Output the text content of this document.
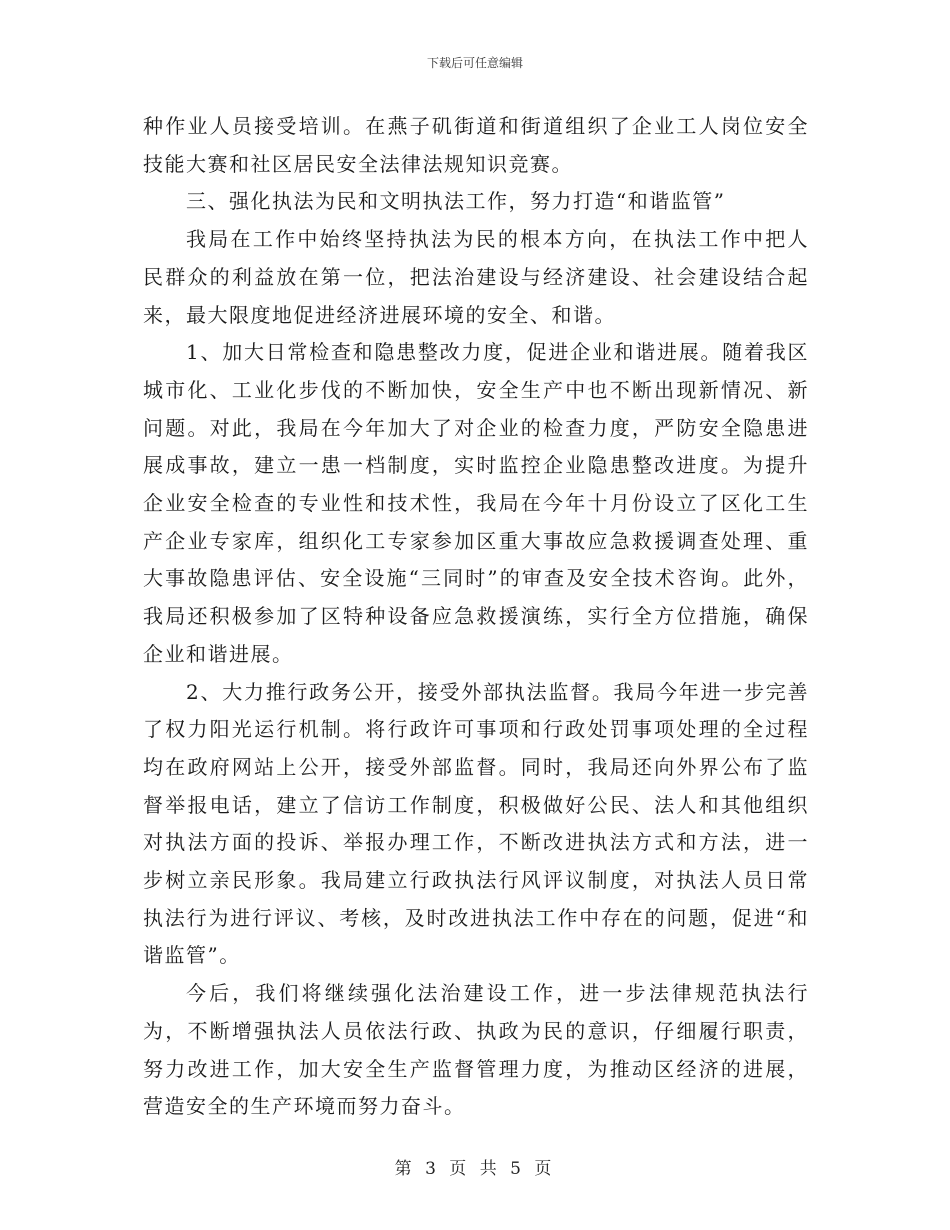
下载后可任意编辑

种作业人员接受培训。在燕子矶街道和街道组织了企业工人岗位安全技能大赛和社区居民安全法律法规知识竞赛。

三、强化执法为民和文明执法工作，努力打造“和谐监管”

我局在工作中始终坚持执法为民的根本方向，在执法工作中把人民群众的利益放在第一位，把法治建设与经济建设、社会建设结合起来，最大限度地促进经济进展环境的安全、和谐。

1、加大日常检查和隐患整改力度，促进企业和谐进展。随着我区城市化、工业化步伐的不断加快，安全生产中也不断出现新情况、新问题。对此，我局在今年加大了对企业的检查力度，严防安全隐患进展成事故，建立一患一档制度，实时监控企业隐患整改进度。为提升企业安全检查的专业性和技术性，我局在今年十月份设立了区化工生产企业专家库，组织化工专家参加区重大事故应急救援调查处理、重大事故隐患评估、安全设施“三同时”的审查及安全技术咨询。此外，我局还积极参加了区特种设备应急救援演练，实行全方位措施，确保企业和谐进展。

2、大力推行政务公开，接受外部执法监督。我局今年进一步完善了权力阳光运行机制。将行政许可事项和行政处罚事项处理的全过程均在政府网站上公开，接受外部监督。同时，我局还向外界公布了监督举报电话，建立了信访工作制度，积极做好公民、法人和其他组织对执法方面的投诉、举报办理工作，不断改进执法方式和方法，进一步树立亲民形象。我局建立行政执法行风评议制度，对执法人员日常执法行为进行评议、考核，及时改进执法工作中存在的问题，促进“和谐监管”。

今后，我们将继续强化法治建设工作，进一步法律规范执法行为，不断增强执法人员依法行政、执政为民的意识，仔细履行职责，努力改进工作，加大安全生产监督管理力度，为推动区经济的进展，营造安全的生产环境而努力奋斗。

第 3 页 共 5 页
